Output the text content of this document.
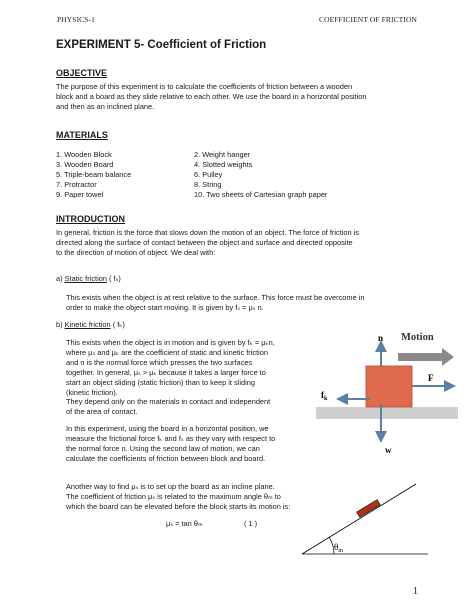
PHYSICS-1	COEFFICIENT OF FRICTION
EXPERIMENT 5- Coefficient of Friction
OBJECTIVE
The purpose of this experiment is to calculate the coefficients of friction between a wooden
block and a board as they slide relative to each other. We use the board in a horizontal position
and then as an inclined plane.
MATERIALS
1. Wooden Block
3. Wooden Board
5. Triple-beam balance
7. Protractor
9. Paper towel
2. Weight hanger
4. Slotted weights
6. Pulley
8. String
10. Two sheets of Cartesian graph paper
INTRODUCTION
In general, friction is the force that slows down the motion of an object. The force of friction is
directed along the surface of contact between the object and surface and directed opposite
to the direction of motion of object. We deal with:
a) Static friction ( fₛ)
This exists when the object is at rest relative to the surface. This force must be overcome in
order to make the object start moving. It is given by fₛ = μₛ n.
b) Kinetic friction ( fₖ)
This exists when the object is in motion and is given by fₖ = μₖn,
where μₛ and μₖ are the coefficient of static and kinetic friction
and n is the normal force which presses the two surfaces
together. In general, μₛ > μₖ because it takes a larger force to
start an object sliding (static friction) than to keep it sliding
(kinetic friction).
They depend only on the materials in contact and independent
of the area of contact.
In this experiment, using the board in a horizontal position, we
measure the frictional force fₖ and fₛ as they vary with respect to
the normal force n. Using the second law of motion, we can
calculate the coefficients of friction between block and board.
Another way to find μₛ is to set up the board as an incline plane.
The coefficient of friction μₛ is related to the maximum angle θₘ to
which the board can be elevated before the block starts its motion is:
μₛ = tan θₘ	( 1 )
n Motion
F
$f_k$
w
$\theta_m$
1
